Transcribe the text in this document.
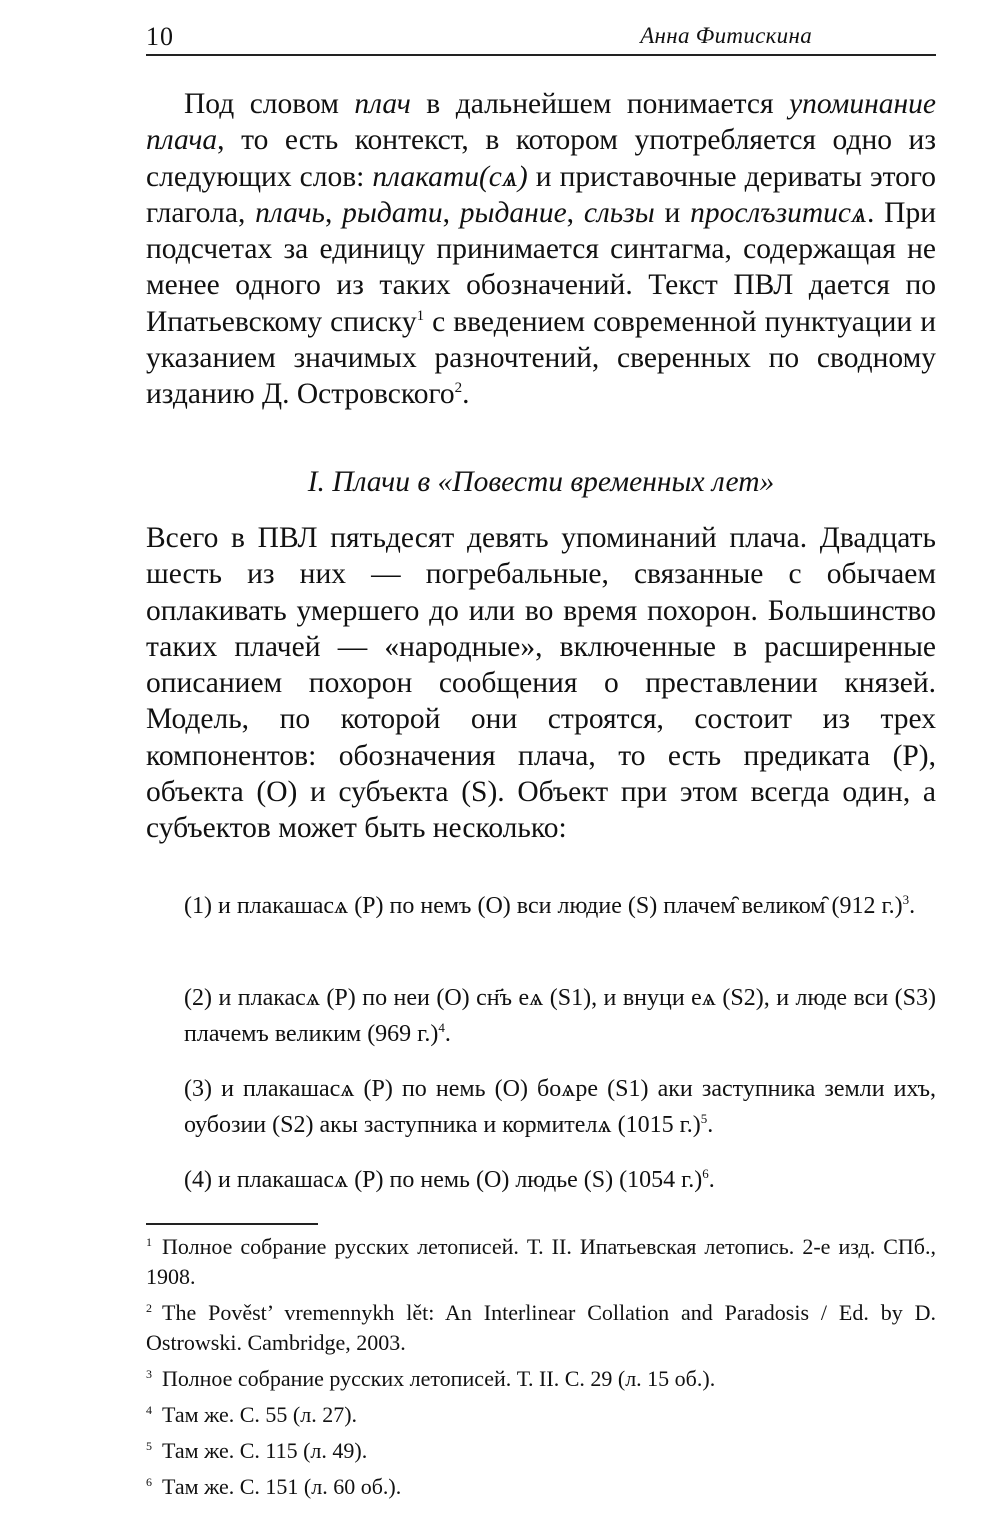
10	Анна Фитискина

Под словом плач в дальнейшем понимается упоминание плача, то есть контекст, в котором употребляется одно из следующих слов: плакати(сѧ) и приставочные дериваты этого глагола, плачь, рыдати, рыдание, сльзы и прослъзитисѧ. При подсчетах за единицу принимается синтагма, содержащая не менее одного из таких обозначений. Текст ПВЛ дается по Ипатьевскому списку$^1$ с введением современной пунктуации и указанием значимых разночтений, сверенных по сводному изданию Д. Островского$^2$.

I. Плачи в «Повести временных лет»

Всего в ПВЛ пятьдесят девять упоминаний плача. Двадцать шесть из них — погребальные, связанные с обычаем оплакивать умершего до или во время похорон. Большинство таких плачей — «народные», включенные в расширенные описанием похорон сообщения о преставлении князей. Модель, по которой они строятся, состоит из трех компонентов: обозначения плача, то есть предиката (P), объекта (O) и субъекта (S). Объект при этом всегда один, а субъектов может быть несколько:

(1) и плакашасѧ (P) по немъ (O) вси людие (S) плачем̑ великом̑ (912 г.)$^3$.

(2) и плакасѧ (P) по неи (O) сн҃ъ еѧ (S1), и внуци еѧ (S2), и люде вси (S3) плачемъ великим (969 г.)$^4$.

(3) и плакашасѧ (P) по немь (O) боѧре (S1) аки заступника земли ихъ, оубозии (S2) акы заступника и кормителѧ (1015 г.)$^5$.

(4) и плакашасѧ (P) по немь (O) людье (S) (1054 г.)$^6$.

1 Полное собрание русских летописей. Т. II. Ипатьевская летопись. 2-е изд. СПб., 1908.
2 The Pověst’ vremennykh lět: An Interlinear Collation and Paradosis / Ed. by D. Ostrowski. Cambridge, 2003.
3 Полное собрание русских летописей. Т. II. С. 29 (л. 15 об.).
4 Там же. С. 55 (л. 27).
5 Там же. С. 115 (л. 49).
6 Там же. С. 151 (л. 60 об.).
